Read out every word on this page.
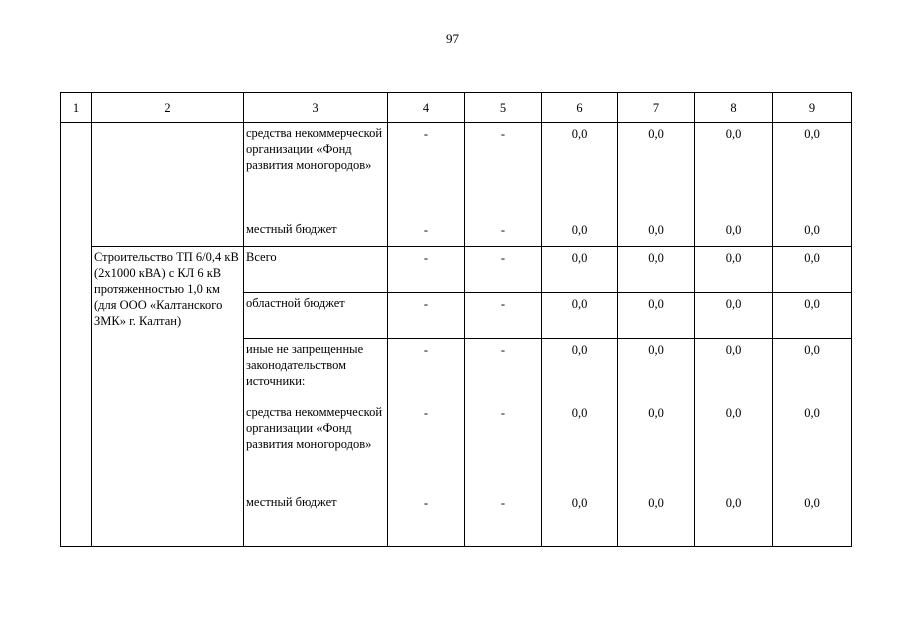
97
1	2	3	4	5	6	7	8	9
		средства некоммерческой организации «Фонд развития моногородов»	-	-	0,0	0,0	0,0	0,0
		местный бюджет	-	-	0,0	0,0	0,0	0,0
	Строительство ТП 6/0,4 кВ (2х1000 кВА) с КЛ 6 кВ протяженностью 1,0 км (для ООО «Калтанского ЗМК» г. Калтан)	Всего	-	-	0,0	0,0	0,0	0,0
		областной бюджет	-	-	0,0	0,0	0,0	0,0
		иные не запрещенные законодательством источники:	-	-	0,0	0,0	0,0	0,0
		средства некоммерческой организации «Фонд развития моногородов»	-	-	0,0	0,0	0,0	0,0
		местный бюджет	-	-	0,0	0,0	0,0	0,0
